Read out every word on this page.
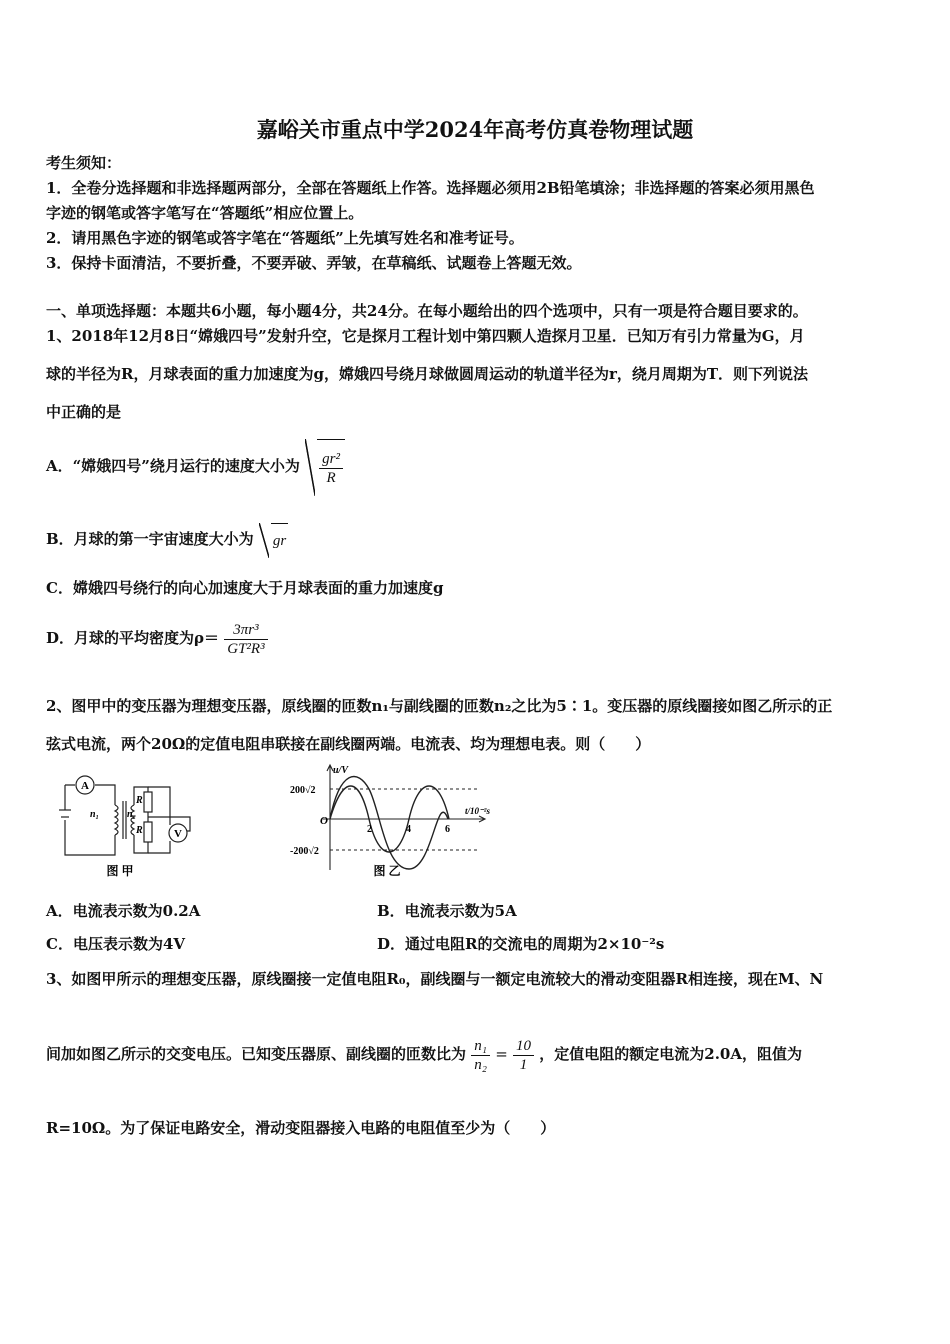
嘉峪关市重点中学2024年高考仿真卷物理试题
考生须知：
1．全卷分选择题和非选择题两部分，全部在答题纸上作答。选择题必须用2B铅笔填涂；非选择题的答案必须用黑色
字迹的钢笔或答字笔写在“答题纸”相应位置上。
2．请用黑色字迹的钢笔或答字笔在“答题纸”上先填写姓名和准考证号。
3．保持卡面清洁，不要折叠，不要弄破、弄皱，在草稿纸、试题卷上答题无效。
一、单项选择题：本题共6小题，每小题4分，共24分。在每小题给出的四个选项中，只有一项是符合题目要求的。
1、2018年12月8日“嫦娥四号”发射升空，它是探月工程计划中第四颗人造探月卫星．已知万有引力常量为G，月
球的半径为R，月球表面的重力加速度为g，嫦娥四号绕月球做圆周运动的轨道半径为r，绕月周期为T．则下列说法
中正确的是
A．“嫦娥四号”绕月运行的速度大小为 $\frac{\text{gr²}}{R}$
B．月球的第一宇宙速度大小为 gr
C．嫦娥四号绕行的向心加速度大于月球表面的重力加速度g
D．月球的平均密度为$\rho= \frac{\text{3πr³}}{\text{GT²R³}}$
2、图甲中的变压器为理想变压器，原线圈的匝数n₁与副线圈的匝数n₂之比为5∶1。变压器的原线圈接如图乙所示的正
弦式电流，两个20Ω的定值电阻串联接在副线圈两端。电流表、均为理想电表。则（　　）
A
V
n₁	n₂
R
R
图 甲
u/V
t/10⁻²s
200√2
-200√2
O
2	4	6
图 乙
A．电流表示数为0.2A	B．电流表示数为5A
C．电压表示数为4V	D．通过电阻R的交流电的周期为2×10⁻²s
3、如图甲所示的理想变压器，原线圈接一定值电阻R₀，副线圈与一额定电流较大的滑动变阻器R相连接，现在M、N
间加如图乙所示的交变电压。已知变压器原、副线圈的匝数比为 $\frac{\text{n₁}}{\text{n₂}} = \frac{10}{1}$ ，定值电阻的额定电流为2.0A，阻值为
R=10Ω。为了保证电路安全，滑动变阻器接入电路的电阻值至少为（　　）
